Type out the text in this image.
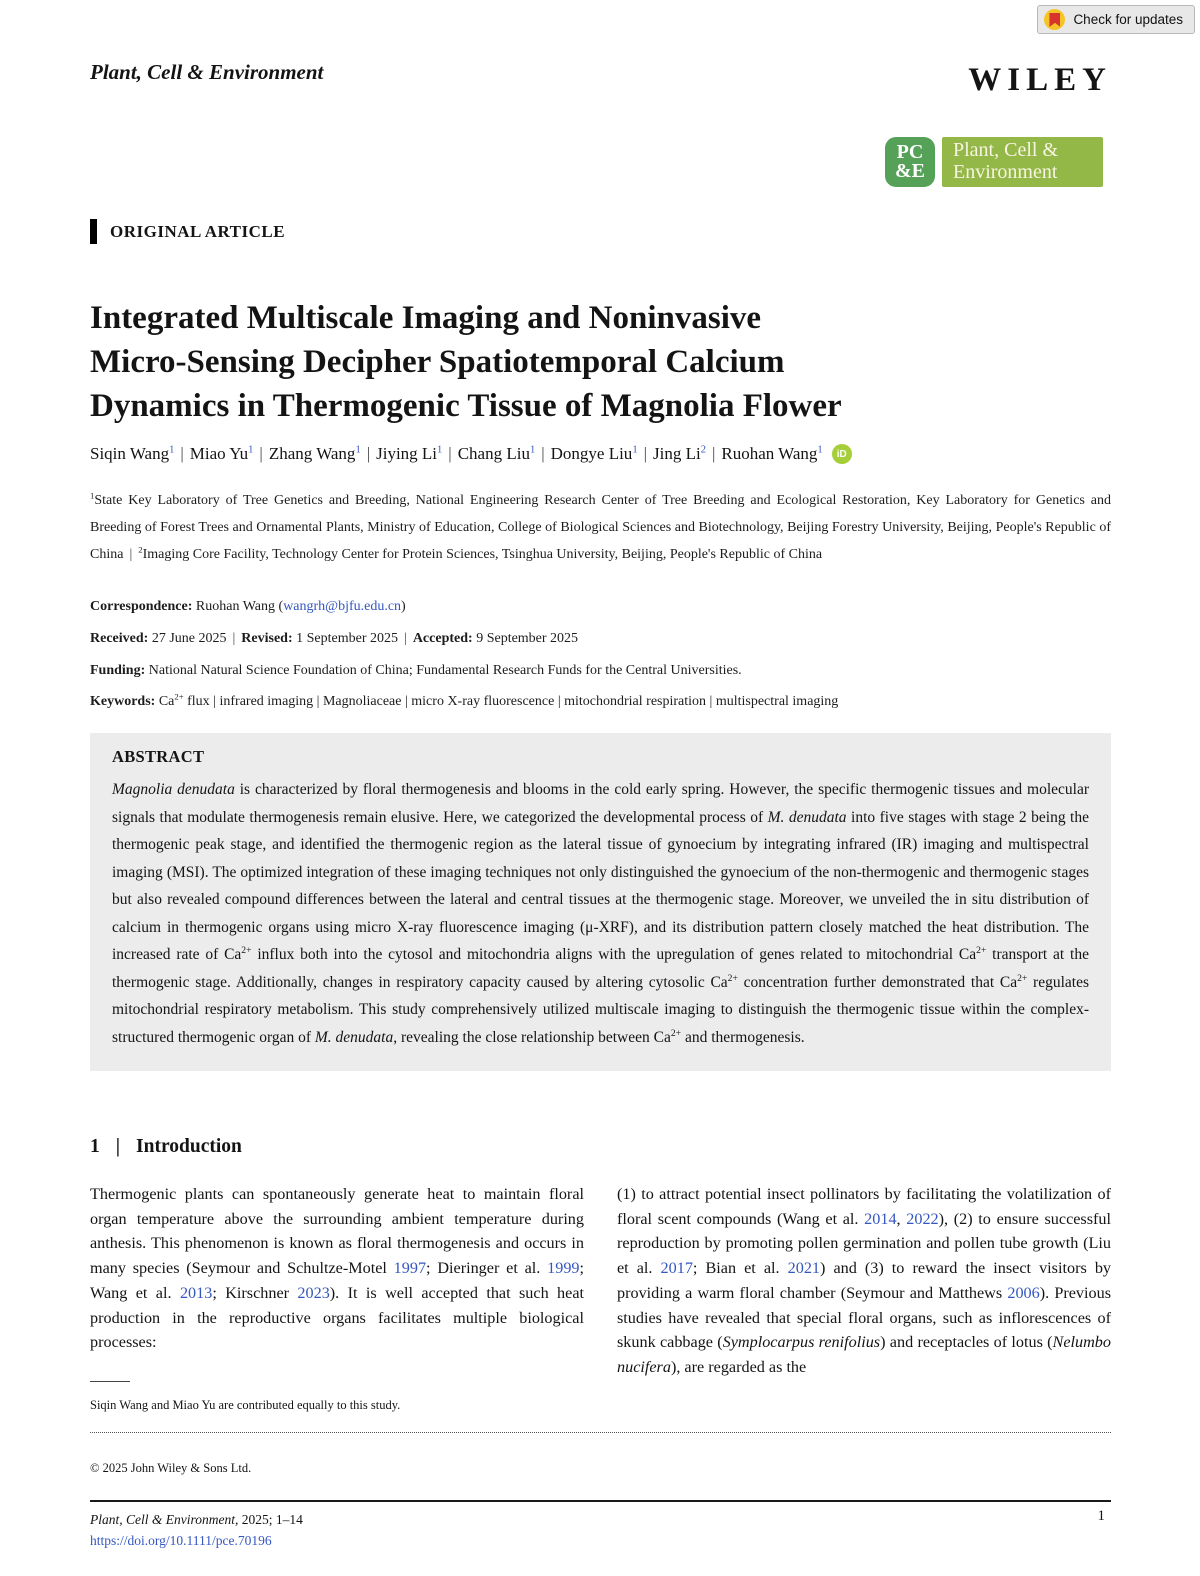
Check for updates
Plant, Cell & Environment	WILEY
PC
&E
Plant, Cell &
Environment
ORIGINAL ARTICLE
Integrated Multiscale Imaging and Noninvasive
Micro-Sensing Decipher Spatiotemporal Calcium
Dynamics in Thermogenic Tissue of Magnolia Flower
Siqin Wang$^1$ | Miao Yu$^1$ | Zhang Wang$^1$ | Jiying Li$^1$ | Chang Liu$^1$ | Dongye Liu$^1$ | Jing Li$^2$ | Ruohan Wang$^1$	iD
$^1$State Key Laboratory of Tree Genetics and Breeding, National Engineering Research Center of Tree Breeding and Ecological Restoration, Key Laboratory for Genetics and Breeding of Forest Trees and Ornamental Plants, Ministry of Education, College of Biological Sciences and Biotechnology, Beijing Forestry University, Beijing, People's Republic of China | $^2$Imaging Core Facility, Technology Center for Protein Sciences, Tsinghua University, Beijing, People's Republic of China
Correspondence: Ruohan Wang (wangrh@bjfu.edu.cn)
Received: 27 June 2025 | Revised: 1 September 2025 | Accepted: 9 September 2025
Funding: National Natural Science Foundation of China; Fundamental Research Funds for the Central Universities.
Keywords: $Ca^{2+}$ flux | infrared imaging | Magnoliaceae | micro X-ray fluorescence | mitochondrial respiration | multispectral imaging
ABSTRACT

Magnolia denudata is characterized by floral thermogenesis and blooms in the cold early spring. However, the specific thermogenic tissues and molecular signals that modulate thermogenesis remain elusive. Here, we categorized the developmental process of M. denudata into five stages with stage 2 being the thermogenic peak stage, and identified the thermogenic region as the lateral tissue of gynoecium by integrating infrared (IR) imaging and multispectral imaging (MSI). The optimized integration of these imaging techniques not only distinguished the gynoecium of the non-thermogenic and thermogenic stages but also revealed compound differences between the lateral and central tissues at the thermogenic stage. Moreover, we unveiled the in situ distribution of calcium in thermogenic organs using micro X-ray fluorescence imaging (μ-XRF), and its distribution pattern closely matched the heat distribution. The increased rate of $Ca^{2+}$ influx both into the cytosol and mitochondria aligns with the upregulation of genes related to mitochondrial $Ca^{2+}$ transport at the thermogenic stage. Additionally, changes in respiratory capacity caused by altering cytosolic $Ca^{2+}$ concentration further demonstrated that $Ca^{2+}$ regulates mitochondrial respiratory metabolism. This study comprehensively utilized multiscale imaging to distinguish the thermogenic tissue within the complex-structured thermogenic organ of M. denudata, revealing the close relationship between $Ca^{2+}$ and thermogenesis.

1 | Introduction
Thermogenic plants can spontaneously generate heat to maintain floral organ temperature above the surrounding ambient temperature during anthesis. This phenomenon is known as floral thermogenesis and occurs in many species (Seymour and Schultze-Motel 1997; Dieringer et al. 1999; Wang et al. 2013; Kirschner 2023). It is well accepted that such heat production in the reproductive organs facilitates multiple biological processes:
(1) to attract potential insect pollinators by facilitating the volatilization of floral scent compounds (Wang et al. 2014, 2022), (2) to ensure successful reproduction by promoting pollen germination and pollen tube growth (Liu et al. 2017; Bian et al. 2021) and (3) to reward the insect visitors by providing a warm floral chamber (Seymour and Matthews 2006). Previous studies have revealed that special floral organs, such as inflorescences of skunk cabbage (Symplocarpus renifolius) and receptacles of lotus (Nelumbo nucifera), are regarded as the
Siqin Wang and Miao Yu are contributed equally to this study.
© 2025 John Wiley & Sons Ltd.
Plant, Cell & Environment, 2025; 1–14
https://doi.org/10.1111/pce.70196
1
